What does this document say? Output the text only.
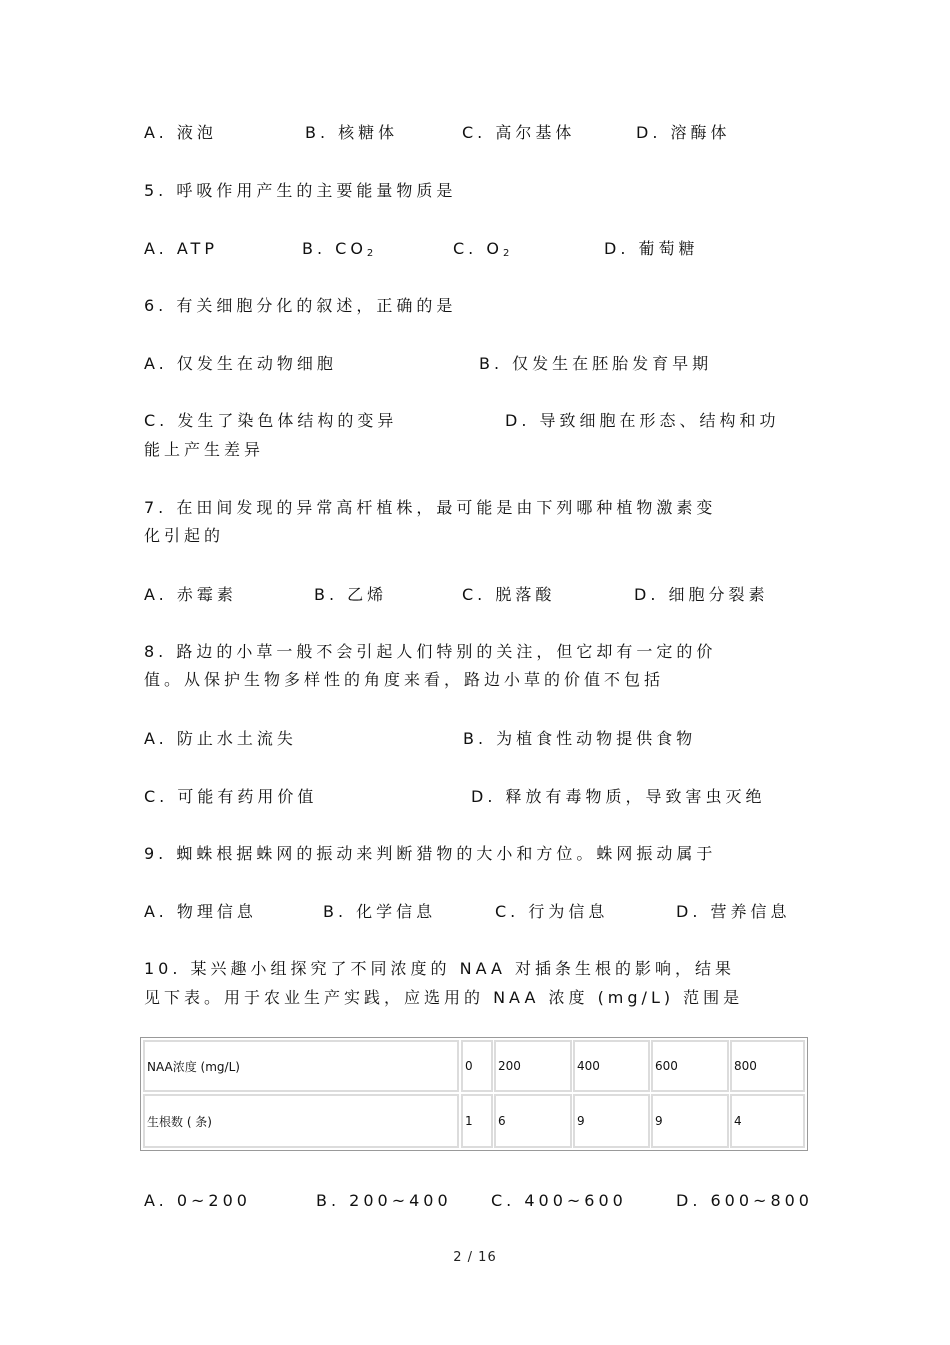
A. 液泡	B. 核糖体	C. 高尔基体	D. 溶酶体
5. 呼吸作用产生的主要能量物质是
A. ATP	B. $CO_2$	C. $O_2$	D. 葡萄糖
6. 有关细胞分化的叙述，正确的是
A. 仅发生在动物细胞	B. 仅发生在胚胎发育早期
C. 发生了染色体结构的变异	D. 导致细胞在形态、结构和功
能上产生差异
7. 在田间发现的异常高杆植株，最可能是由下列哪种植物激素变
化引起的
A. 赤霉素	B. 乙烯	C. 脱落酸	D. 细胞分裂素
8. 路边的小草一般不会引起人们特别的关注，但它却有一定的价
值。从保护生物多样性的角度来看，路边小草的价值不包括
A. 防止水土流失	B. 为植食性动物提供食物
C. 可能有药用价值	D. 释放有毒物质，导致害虫灭绝
9. 蜘蛛根据蛛网的振动来判断猎物的大小和方位。蛛网振动属于
A. 物理信息	B. 化学信息	C. 行为信息	D. 营养信息
10. 某兴趣小组探究了不同浓度的 NAA 对插条生根的影响，结果
见下表。用于农业生产实践，应选用的 NAA 浓度 (mg/L) 范围是
NAA浓度 (mg/L)	0	200	400	600	800
生根数 ( 条)	1	6	9	9	4
A. 0~200	B. 200~400 C. 400~600	D. 600~800
2 / 16
